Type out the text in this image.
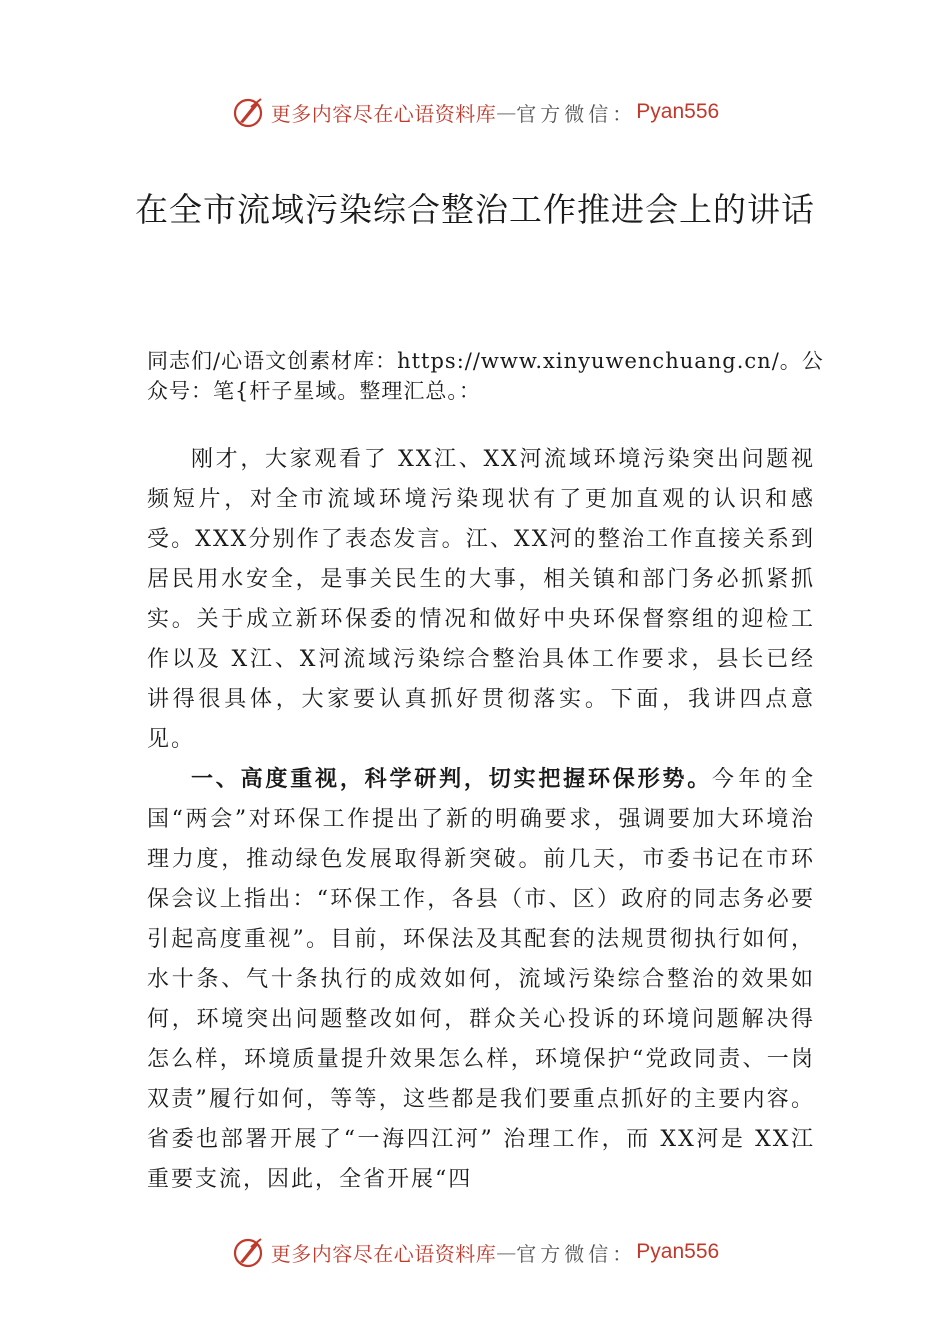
更多内容尽在心语资料库 — 官方微信： Pyan556
在全市流域污染综合整治工作推进会上的讲话

同志们/心语文创素材库：https://www.xinyuwenchuang.cn/。公众号：笔{杆子星域。整理汇总。：

刚才，大家观看了 XX江、XX河流域环境污染突出问题视频短片，对全市流域环境污染现状有了更加直观的认识和感受。XXX分别作了表态发言。江、XX河的整治工作直接关系到居民用水安全，是事关民生的大事，相关镇和部门务必抓紧抓实。关于成立新环保委的情况和做好中央环保督察组的迎检工作以及 X江、X河流域污染综合整治具体工作要求，县长已经讲得很具体，大家要认真抓好贯彻落实。下面，我讲四点意见。

一、高度重视，科学研判，切实把握环保形势。今年的全国“两会”对环保工作提出了新的明确要求，强调要加大环境治理力度，推动绿色发展取得新突破。前几天，市委书记在市环保会议上指出：“环保工作，各县（市、区）政府的同志务必要引起高度重视”。目前，环保法及其配套的法规贯彻执行如何，水十条、气十条执行的成效如何，流域污染综合整治的效果如何，环境突出问题整改如何，群众关心投诉的环境问题解决得怎么样，环境质量提升效果怎么样，环境保护“党政同责、一岗双责”履行如何，等等，这些都是我们要重点抓好的主要内容。省委也部署开展了“一海四江河” 治理工作，而 XX河是 XX江重要支流，因此，全省开展“四

更多内容尽在心语资料库 — 官方微信： Pyan556
